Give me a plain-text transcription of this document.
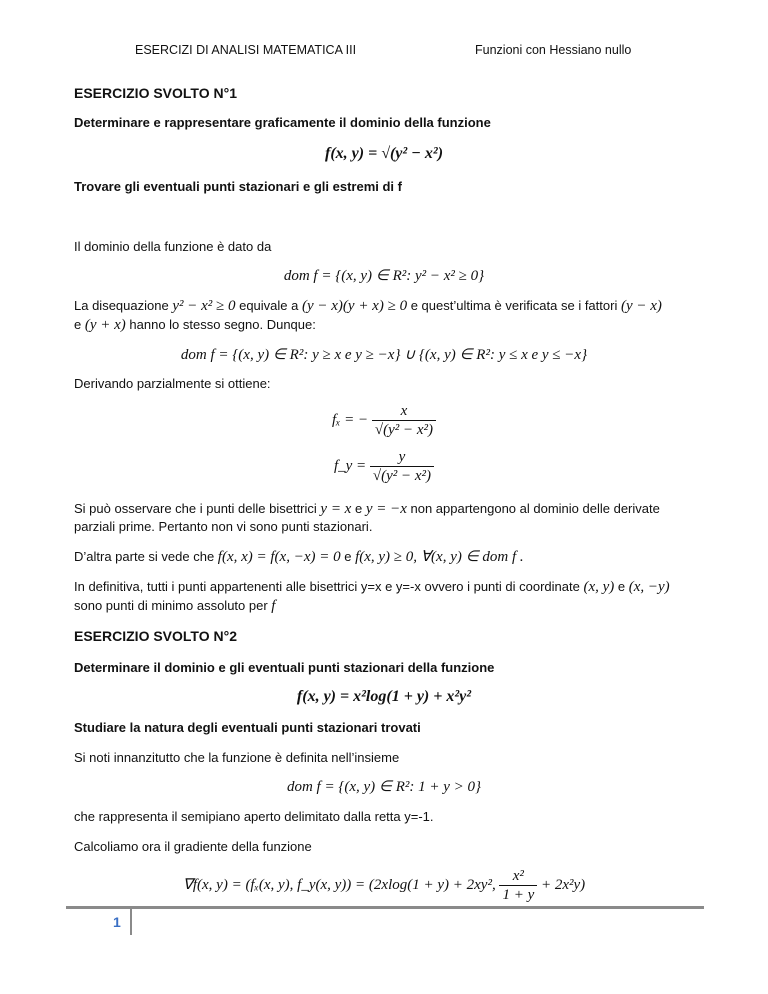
ESERCIZI DI ANALISI MATEMATICA III	Funzioni con Hessiano nullo
ESERCIZIO SVOLTO N°1
Determinare e rappresentare graficamente il dominio della funzione
f(x, y) = √(y² − x²)
Trovare gli eventuali punti stazionari e gli estremi di f
Il dominio della funzione è dato da
dom f = {(x, y) ∈ R²: y² − x² ≥ 0}
La disequazione y² − x² ≥ 0 equivale a (y − x)(y + x) ≥ 0 e quest’ultima è verificata se i fattori (y − x)
e (y + x) hanno lo stesso segno. Dunque:
dom f = {(x, y) ∈ R²: y ≥ x e y ≥ −x} ∪ {(x, y) ∈ R²: y ≤ x e y ≤ −x}
Derivando parzialmente si ottiene:
fₓ = − $\frac{x}{\text{√(y² − x²)}}$
f_y = $\frac{y}{\text{√(y² − x²)}}$
Si può osservare che i punti delle bisettrici y = x e y = −x non appartengono al dominio delle derivate
parziali prime. Pertanto non vi sono punti stazionari.
D’altra parte si vede che f(x, x) = f(x, −x) = 0 e f(x, y) ≥ 0, ∀(x, y) ∈ dom f .
In definitiva, tutti i punti appartenenti alle bisettrici y=x e y=-x ovvero i punti di coordinate (x, y) e (x, −y)
sono punti di minimo assoluto per f
ESERCIZIO SVOLTO N°2
Determinare il dominio e gli eventuali punti stazionari della funzione
f(x, y) = x²log(1 + y) + x²y²
Studiare la natura degli eventuali punti stazionari trovati
Si noti innanzitutto che la funzione è definita nell’insieme
dom f = {(x, y) ∈ R²: 1 + y > 0}
che rappresenta il semipiano aperto delimitato dalla retta y=-1.
Calcoliamo ora il gradiente della funzione
∇f(x, y) = (fₓ(x, y), f_y(x, y)) = (2xlog(1 + y) + 2xy², $\frac{\text{x²}}{1 + y} + 2x^2y$)
1
